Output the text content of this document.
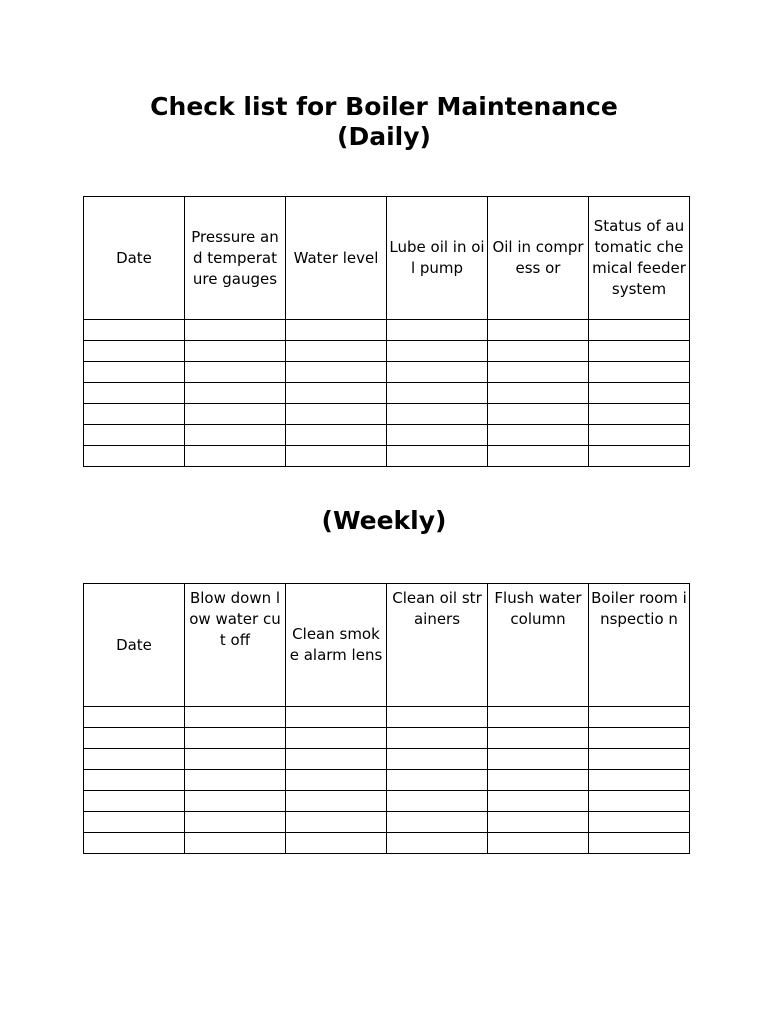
Check list for Boiler Maintenance
(Daily)
Date	Pressure and temperat ure gauges	Water level	Lube oil in oil pump	Oil in compress or	Status of automatic chemical feeder system

(Weekly)
Date	Blow down low water cut off	Clean smoke alarm lens	Clean oil strainers	Flush water column	Boiler room inspectio n
